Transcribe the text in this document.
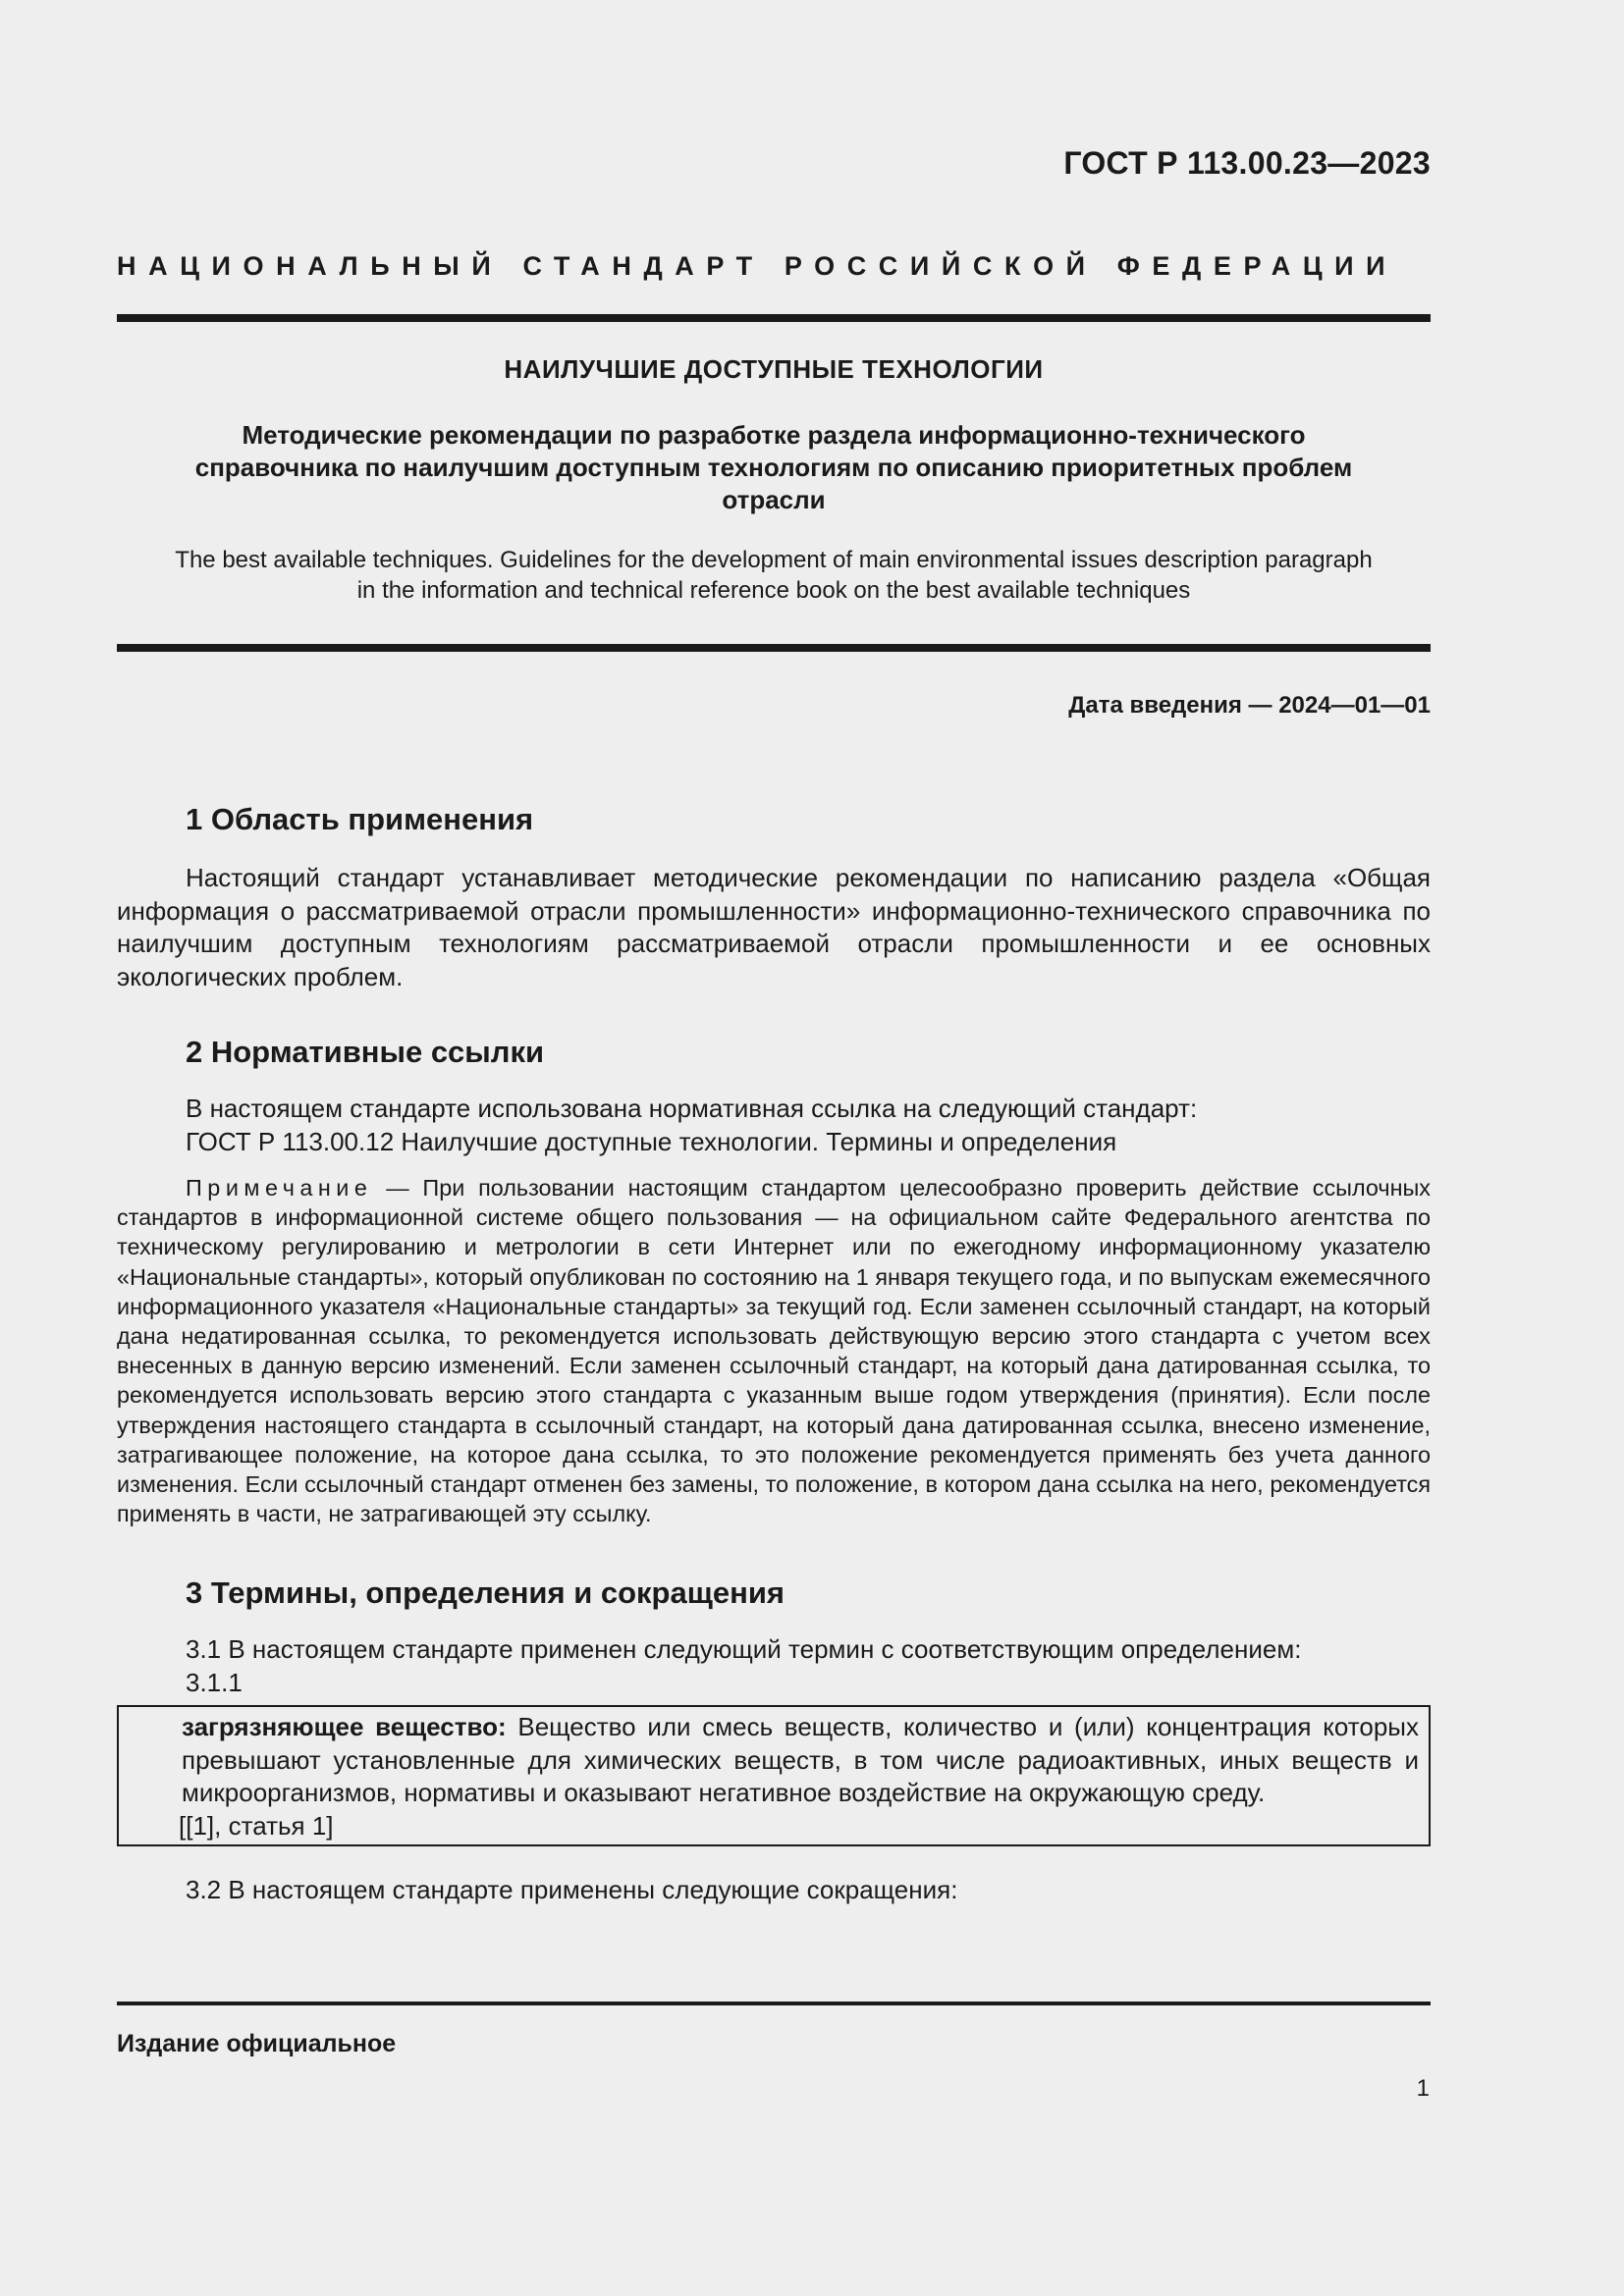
ГОСТ Р 113.00.23—2023
НАЦИОНАЛЬНЫЙ СТАНДАРТ РОССИЙСКОЙ ФЕДЕРАЦИИ
НАИЛУЧШИЕ ДОСТУПНЫЕ ТЕХНОЛОГИИ
Методические рекомендации по разработке раздела информационно-технического
справочника по наилучшим доступным технологиям по описанию приоритетных проблем
отрасли
The best available techniques. Guidelines for the development of main environmental issues description paragraph
in the information and technical reference book on the best available techniques
Дата введения — 2024—01—01
1 Область применения
Настоящий стандарт устанавливает методические рекомендации по написанию раздела «Общая информация о рассматриваемой отрасли промышленности» информационно-технического справочника по наилучшим доступным технологиям рассматриваемой отрасли промышленности и ее основных экологических проблем.
2 Нормативные ссылки
В настоящем стандарте использована нормативная ссылка на следующий стандарт:
ГОСТ Р 113.00.12 Наилучшие доступные технологии. Термины и определения
Примечание — При пользовании настоящим стандартом целесообразно проверить действие ссылочных стандартов в информационной системе общего пользования — на официальном сайте Федерального агентства по техническому регулированию и метрологии в сети Интернет или по ежегодному информационному указателю «Национальные стандарты», который опубликован по состоянию на 1 января текущего года, и по выпускам ежемесячного информационного указателя «Национальные стандарты» за текущий год. Если заменен ссылочный стандарт, на который дана недатированная ссылка, то рекомендуется использовать действующую версию этого стандарта с учетом всех внесенных в данную версию изменений. Если заменен ссылочный стандарт, на который дана датированная ссылка, то рекомендуется использовать версию этого стандарта с указанным выше годом утверждения (принятия). Если после утверждения настоящего стандарта в ссылочный стандарт, на который дана датированная ссылка, внесено изменение, затрагивающее положение, на которое дана ссылка, то это положение рекомендуется применять без учета данного изменения. Если ссылочный стандарт отменен без замены, то положение, в котором дана ссылка на него, рекомендуется применять в части, не затрагивающей эту ссылку.
3 Термины, определения и сокращения
3.1 В настоящем стандарте применен следующий термин с соответствующим определением:
3.1.1
загрязняющее вещество: Вещество или смесь веществ, количество и (или) концентрация которых превышают установленные для химических веществ, в том числе радиоактивных, иных веществ и микроорганизмов, нормативы и оказывают негативное воздействие на окружающую среду.
[[1], статья 1]
3.2 В настоящем стандарте применены следующие сокращения:
Издание официальное
1
